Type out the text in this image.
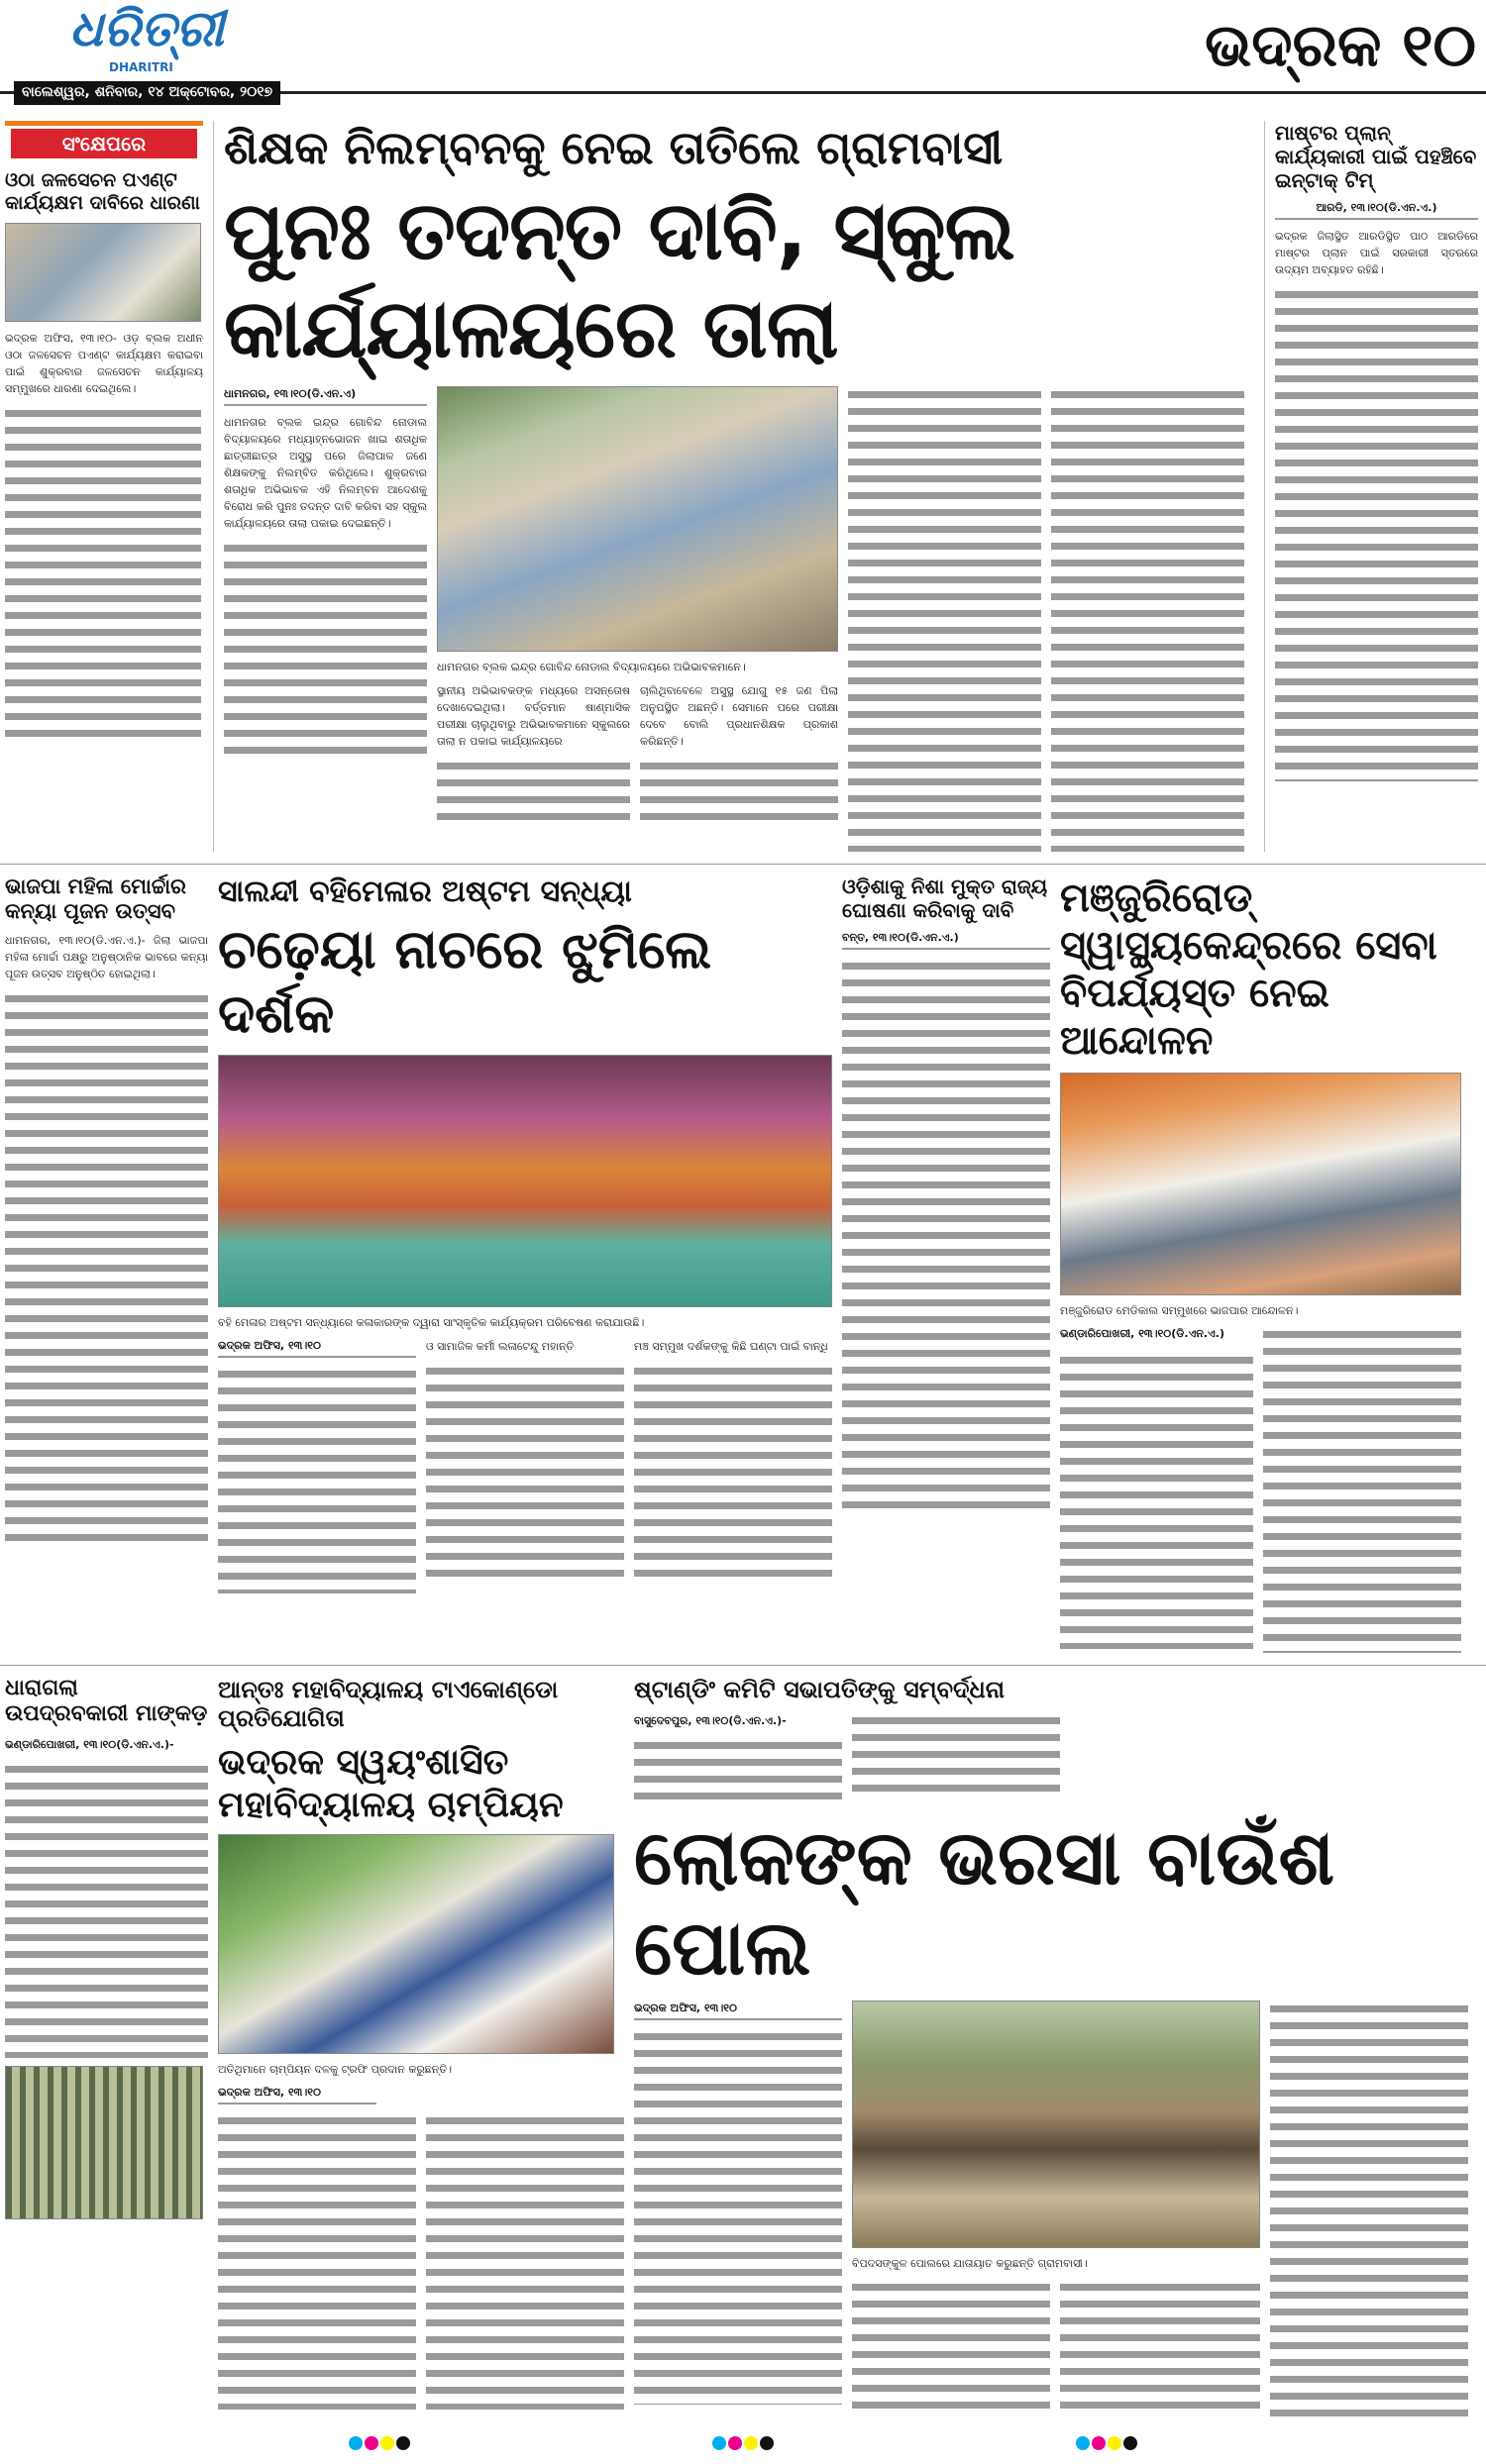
ଧରିତ୍ରୀ
DHARITRI	ଭଦ୍ରକ ୧୦
ବାଲେଶ୍ୱର, ଶନିବାର, ୧୪ ଅକ୍ଟୋବର, ୨୦୧୭
ସଂକ୍ଷେପରେ
ଓଠା ଜଳସେଚନ ପଏଣ୍ଟ କାର୍ଯ୍ୟକ୍ଷମ ଦାବିରେ ଧାରଣା
ଭଦ୍ରକ ଅଫିସ, ୧୩।୧୦- ଓଡ଼ ବ୍ଲକ ଅଧୀନ ଓଠା ଜଳସେଚନ ପଏଣ୍ଟ କାର୍ଯ୍ୟକ୍ଷମ କରାଇବା ପାଇଁ ଶୁକ୍ରବାର ଜଳସେଚନ କାର୍ଯ୍ୟାଳୟ ସମ୍ମୁଖରେ ଧାରଣା ଦେଇଥିଲେ।
ଶିକ୍ଷକ ନିଲମ୍ବନକୁ ନେଇ ତାତିଲେ ଗ୍ରାମବାସୀ
ପୁନଃ ତଦନ୍ତ ଦାବି, ସ୍କୁଲ କାର୍ଯ୍ୟାଳୟରେ ତାଲା
ଧାମନଗର, ୧୩।୧୦(ଡି.ଏନ.ଏ)
ଧାମନଗର ବ୍ଲକ ଇନ୍ଦ୍ର ଗୋବିନ୍ଦ ନୋଡାଲ ବିଦ୍ୟାଳୟରେ ମଧ୍ୟାହ୍ନଭୋଜନ ଖାଇ ଶତାଧିକ ଛାତ୍ରୀଛାତ୍ର ଅସୁସ୍ଥ ପରେ ଜିଲାପାଳ ଜଣେ ଶିକ୍ଷକଙ୍କୁ ନିଲମ୍ବିତ କରିଥିଲେ। ଶୁକ୍ରବାର ଶତାଧିକ ଅଭିଭାବକ ଏହି ନିଲମ୍ବନ ଆଦେଶକୁ ବିରୋଧ କରି ପୁନଃ ତଦନ୍ତ ଦାବି କରିବା ସହ ସ୍କୁଲ କାର୍ଯ୍ୟାଳୟରେ ତାଲା ପକାଇ ଦେଇଛନ୍ତି।
ଧାମନଗର ବ୍ଲକ ଇନ୍ଦ୍ର ଗୋବିନ୍ଦ ନୋଡାଲ ବିଦ୍ୟାଳୟରେ ଅଭିଭାବକମାନେ।
ସ୍ଥାନୀୟ ଅଭିଭାବକଙ୍କ ମଧ୍ୟରେ ଅସନ୍ତୋଷ ଦେଖାଦେଇଥିଲା। ବର୍ତ୍ତମାନ ଷାଣ୍ମାସିକ ପରୀକ୍ଷା ଚାଲୁଥିବାରୁ ଅଭିଭାବକମାନେ ସ୍କୁଲରେ ତାଲା ନ ପକାଇ କାର୍ଯ୍ୟାଳୟରେ
ଚାଲିଥିବାବେଳେ ଅସୁସ୍ଥ ଯୋଗୁ ୧୫ ଜଣ ପିଲା ଅନୁପସ୍ଥିତ ଅଛନ୍ତି। ସେମାନେ ପରେ ପରୀକ୍ଷା ଦେବେ ବୋଲି ପ୍ରଧାନଶିକ୍ଷକ ପ୍ରକାଶ କରିଛନ୍ତି।
ମାଷ୍ଟର ପ୍ଲାନ୍ କାର୍ଯ୍ୟକାରୀ ପାଇଁ ପହଞ୍ଚିବେ ଇନ୍ଟାକ୍ ଟିମ୍
ଆରଡି, ୧୩।୧୦(ଡି.ଏନ.ଏ.)
ଭଦ୍ରକ ଜିଲାସ୍ଥିତ ଆରଡିସ୍ଥିତ ପାଠ ଆରଡିରେ ମାଷ୍ଟର ପ୍ଲାନ ପାଇଁ ସରକାରୀ ସ୍ତରରେ ଉଦ୍ୟମ ଅବ୍ୟାହତ ରହିଛି।
ଭାଜପା ମହିଳା ମୋର୍ଚ୍ଚାର କନ୍ୟା ପୂଜନ ଉତ୍ସବ
ଧାମନଗର, ୧୩।୧୦(ଡି.ଏନ.ଏ.)- ଜିଲା ଭାଜପା ମହିଳା ମୋର୍ଚ୍ଚା ପକ୍ଷରୁ ଅନୁଷ୍ଠାନିକ ଭାବରେ କନ୍ୟା ପୂଜନ ଉତ୍ସବ ଅନୁଷ୍ଠିତ ହୋଇଥିଲା।
ସାଲନ୍ଦୀ ବହିମେଳାର ଅଷ୍ଟମ ସନ୍ଧ୍ୟା
ଚଢ଼େୟା ନାଚରେ ଝୁମିଲେ ଦର୍ଶକ
ବହି ମେଳାର ଅଷ୍ଟମ ସନ୍ଧ୍ୟାରେ କଳାକାରଙ୍କ ଦ୍ୱାରା ସାଂସ୍କୃତିକ କାର୍ଯ୍ୟକ୍ରମ ପରିବେଷଣ କରାଯାଉଛି।
ଭଦ୍ରକ ଅଫିସ, ୧୩।୧୦	ଓ ସାମାଜିକ କର୍ମୀ ଲଳାଟେନ୍ଦୁ ମହାନ୍ତି	ମଞ୍ଚ ସମ୍ମୁଖ ଦର୍ଶକଙ୍କୁ କିଛି ଘଣ୍ଟା ପାଇଁ ବାନ୍ଧି
ଓଡ଼ିଶାକୁ ନିଶା ମୁକ୍ତ ରାଜ୍ୟ ଘୋଷଣା କରିବାକୁ ଦାବି
ବନ୍ତ, ୧୩।୧୦(ଡି.ଏନ.ଏ.)
ମଞ୍ଜୁରିରୋଡ୍ ସ୍ୱାସ୍ଥ୍ୟକେନ୍ଦ୍ରରେ ସେବା ବିପର୍ଯ୍ୟସ୍ତ ନେଇ ଆନ୍ଦୋଳନ
ମଞ୍ଜୁରିରୋଡ ମେଡିକାଲ ସମ୍ମୁଖରେ ଭାଜପାର ଆନ୍ଦୋଳନ।
ଭଣ୍ଡାରିପୋଖରୀ, ୧୩।୧୦(ଡି.ଏନ.ଏ.)
ଧାରାଗଲା ଉପଦ୍ରବକାରୀ ମାଙ୍କଡ଼
ଭଣ୍ଡାରିପୋଖରୀ, ୧୩।୧୦(ଡି.ଏନ.ଏ.)-
ଆନ୍ତଃ ମହାବିଦ୍ୟାଳୟ ଟାଏକୋଣ୍ଡୋ ପ୍ରତିଯୋଗିତା
ଭଦ୍ରକ ସ୍ୱୟଂଶାସିତ ମହାବିଦ୍ୟାଳୟ ଚାମ୍ପିୟନ
ଅତିଥିମାନେ ଚାମ୍ପିୟନ ଦଳକୁ ଟ୍ରଫି ପ୍ରଦାନ କରୁଛନ୍ତି।
ଭଦ୍ରକ ଅଫିସ, ୧୩।୧୦
ଷ୍ଟାଣ୍ଡିଂ କମିଟି ସଭାପତିଙ୍କୁ ସମ୍ବର୍ଦ୍ଧନା
ବାସୁଦେବପୁର, ୧୩।୧୦(ଡି.ଏନ.ଏ.)-
ଲୋକଙ୍କ ଭରସା ବାଉଁଶ ପୋଲ
ଭଦ୍ରକ ଅଫିସ, ୧୩।୧୦
ବିପଦସଙ୍କୁଳ ପୋଲରେ ଯାତାୟାତ କରୁଛନ୍ତି ଗ୍ରାମବାସୀ।
